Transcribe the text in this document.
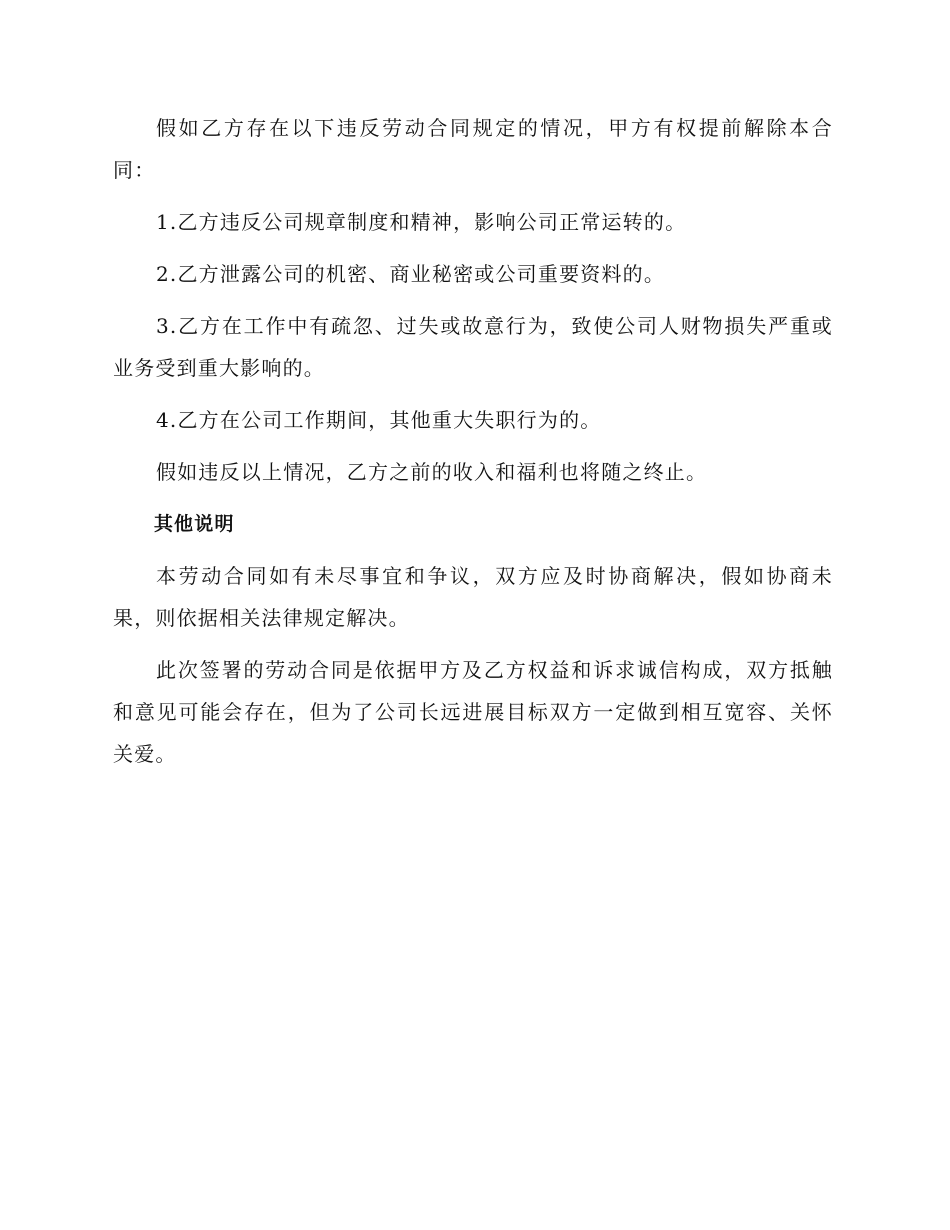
假如乙方存在以下违反劳动合同规定的情况，甲方有权提前解除本合同：

1.乙方违反公司规章制度和精神，影响公司正常运转的。

2.乙方泄露公司的机密、商业秘密或公司重要资料的。

3.乙方在工作中有疏忽、过失或故意行为，致使公司人财物损失严重或业务受到重大影响的。

4.乙方在公司工作期间，其他重大失职行为的。

假如违反以上情况，乙方之前的收入和福利也将随之终止。

其他说明

本劳动合同如有未尽事宜和争议，双方应及时协商解决，假如协商未果，则依据相关法律规定解决。

此次签署的劳动合同是依据甲方及乙方权益和诉求诚信构成，双方抵触和意见可能会存在，但为了公司长远进展目标双方一定做到相互宽容、关怀关爱。
